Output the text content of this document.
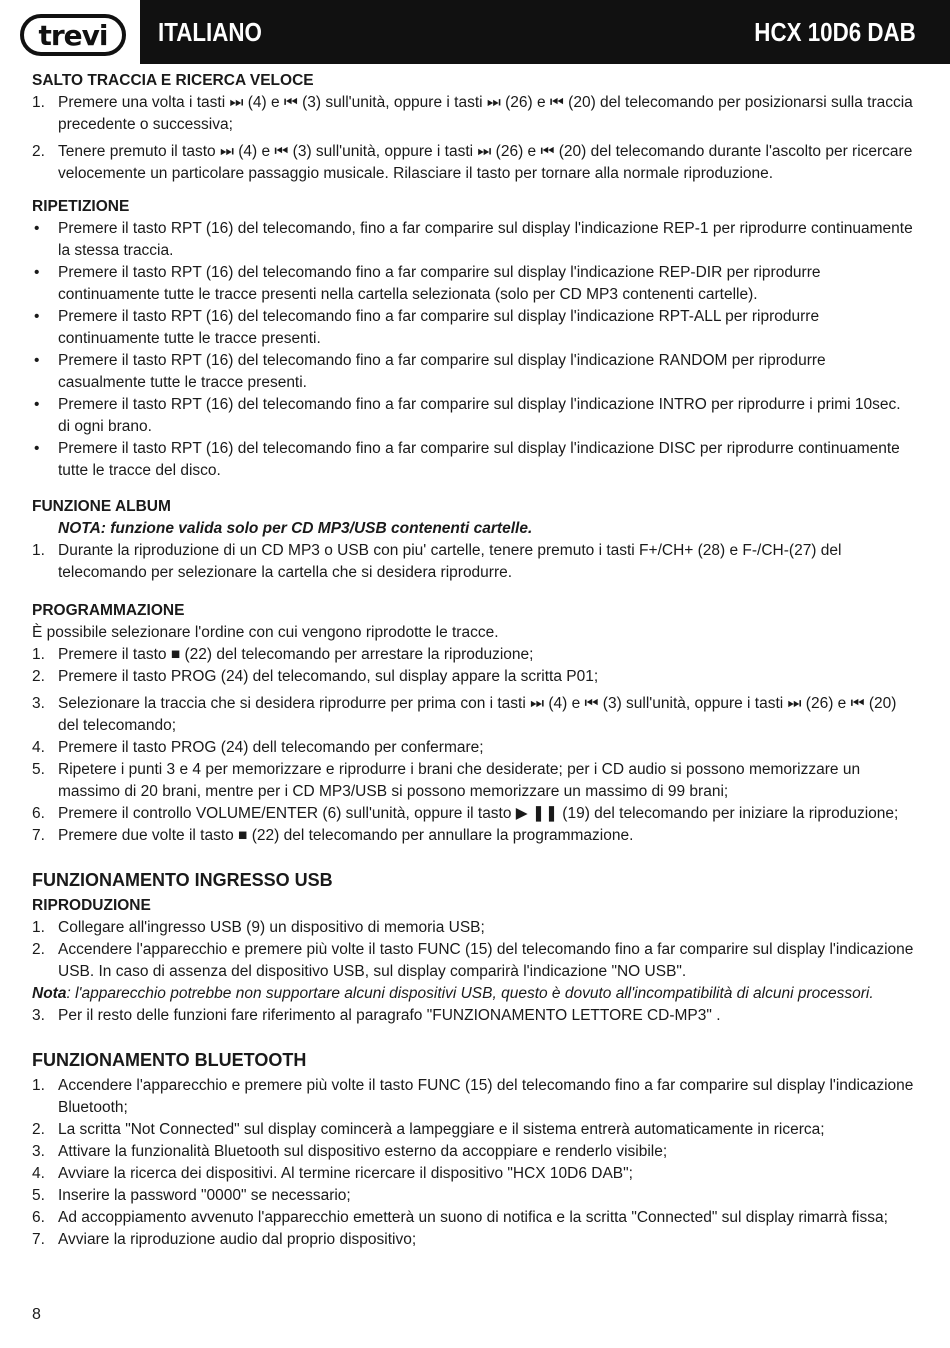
trevi	ITALIANO	HCX 10D6 DAB
SALTO TRACCIA E RICERCA VELOCE
1. Premere una volta i tasti ⏭ (4) e ⏮ (3) sull'unità, oppure i tasti ⏭ (26) e ⏮ (20) del telecomando per posizionarsi sulla traccia precedente o successiva;
2. Tenere premuto il tasto ⏭ (4) e ⏮ (3) sull'unità, oppure i tasti ⏭ (26) e ⏮ (20) del telecomando durante l'ascolto per ricercare velocemente un particolare passaggio musicale. Rilasciare il tasto per tornare alla normale riproduzione.
RIPETIZIONE
• Premere il tasto RPT (16) del telecomando, fino a far comparire sul display l'indicazione REP-1 per riprodurre continuamente la stessa traccia.
• Premere il tasto RPT (16) del telecomando fino a far comparire sul display l'indicazione REP-DIR per riprodurre continuamente tutte le tracce presenti nella cartella selezionata (solo per CD MP3 contenenti cartelle).
• Premere il tasto RPT (16) del telecomando fino a far comparire sul display l'indicazione RPT-ALL per riprodurre continuamente tutte le tracce presenti.
• Premere il tasto RPT (16) del telecomando fino a far comparire sul display l'indicazione RANDOM per riprodurre casualmente tutte le tracce presenti.
• Premere il tasto RPT (16) del telecomando fino a far comparire sul display l'indicazione INTRO per riprodurre i primi 10sec. di ogni brano.
• Premere il tasto RPT (16) del telecomando fino a far comparire sul display l'indicazione DISC per riprodurre continuamente tutte le tracce del disco.
FUNZIONE ALBUM
NOTA: funzione valida solo per CD MP3/USB contenenti cartelle.
1. Durante la riproduzione di un CD MP3 o USB con piu' cartelle, tenere premuto i tasti F+/CH+ (28) e F-/CH-(27) del telecomando per selezionare la cartella che si desidera riprodurre.
PROGRAMMAZIONE
È possibile selezionare l'ordine con cui vengono riprodotte le tracce.
1. Premere il tasto ■ (22) del telecomando per arrestare la riproduzione;
2. Premere il tasto PROG (24) del telecomando, sul display appare la scritta P01;
3. Selezionare la traccia che si desidera riprodurre per prima con i tasti ⏭ (4) e ⏮ (3) sull'unità, oppure i tasti ⏭ (26) e ⏮ (20) del telecomando;
4. Premere il tasto PROG (24) dell telecomando per confermare;
5. Ripetere i punti 3 e 4 per memorizzare e riprodurre i brani che desiderate; per i CD audio si possono memorizzare un massimo di 20 brani, mentre per i CD MP3/USB si possono memorizzare un massimo di 99 brani;
6. Premere il controllo VOLUME/ENTER (6) sull'unità, oppure il tasto ▶ ❚❚ (19) del telecomando per iniziare la riproduzione;
7. Premere due volte il tasto ■ (22) del telecomando per annullare la programmazione.
FUNZIONAMENTO INGRESSO USB
RIPRODUZIONE
1. Collegare all'ingresso USB (9) un dispositivo di memoria USB;
2. Accendere l'apparecchio e premere più volte il tasto FUNC (15) del telecomando fino a far comparire sul display l'indicazione USB. In caso di assenza del dispositivo USB, sul display comparirà l'indicazione "NO USB".
Nota: l'apparecchio potrebbe non supportare alcuni dispositivi USB, questo è dovuto all'incompatibilità di alcuni processori.
3. Per il resto delle funzioni fare riferimento al paragrafo "FUNZIONAMENTO LETTORE CD-MP3" .
FUNZIONAMENTO BLUETOOTH
1. Accendere l'apparecchio e premere più volte il tasto FUNC (15) del telecomando fino a far comparire sul display l'indicazione Bluetooth;
2. La scritta "Not Connected" sul display comincerà a lampeggiare e il sistema entrerà automaticamente in ricerca;
3. Attivare la funzionalità Bluetooth sul dispositivo esterno da accoppiare e renderlo visibile;
4. Avviare la ricerca dei dispositivi. Al termine ricercare il dispositivo "HCX 10D6 DAB";
5. Inserire la password "0000" se necessario;
6. Ad accoppiamento avvenuto l'apparecchio emetterà un suono di notifica e la scritta "Connected" sul display rimarrà fissa;
7. Avviare la riproduzione audio dal proprio dispositivo;
8
